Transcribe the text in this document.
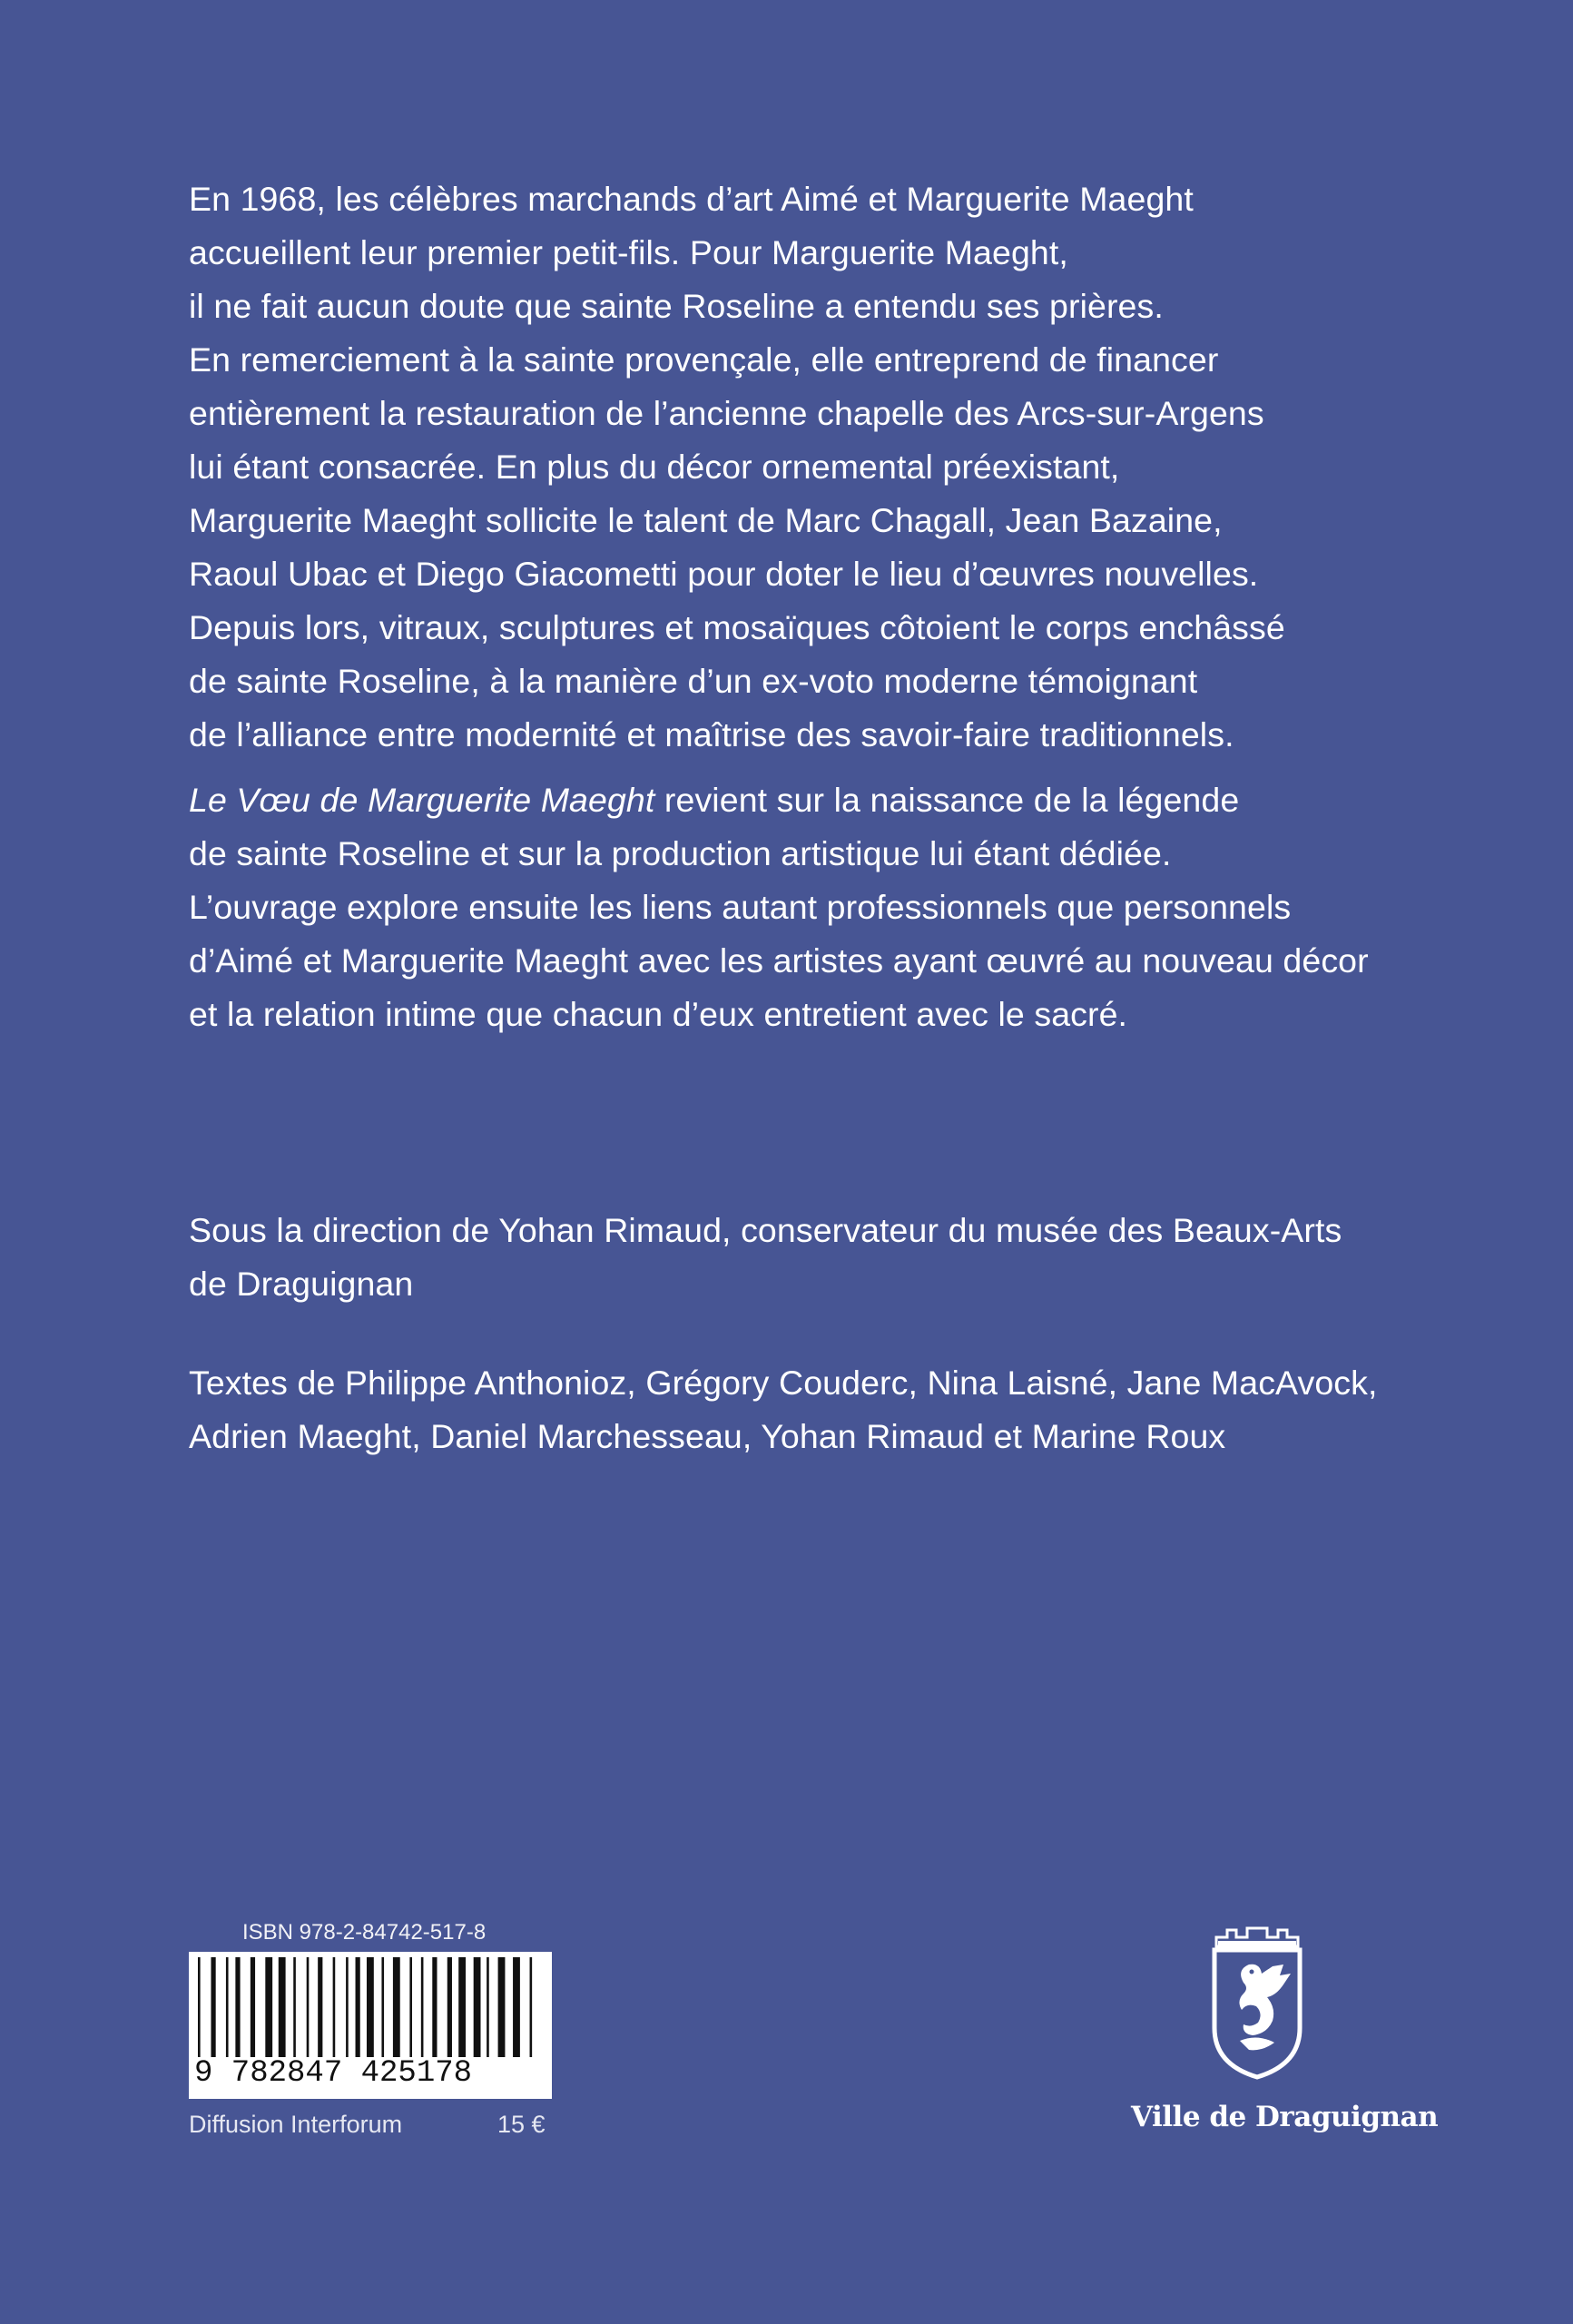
En 1968, les célèbres marchands d’art Aimé et Marguerite Maeght
accueillent leur premier petit-fils. Pour Marguerite Maeght,
il ne fait aucun doute que sainte Roseline a entendu ses prières.
En remerciement à la sainte provençale, elle entreprend de financer
entièrement la restauration de l’ancienne chapelle des Arcs-sur-Argens
lui étant consacrée. En plus du décor ornemental préexistant,
Marguerite Maeght sollicite le talent de Marc Chagall, Jean Bazaine,
Raoul Ubac et Diego Giacometti pour doter le lieu d’œuvres nouvelles.
Depuis lors, vitraux, sculptures et mosaïques côtoient le corps enchâssé
de sainte Roseline, à la manière d’un ex-voto moderne témoignant
de l’alliance entre modernité et maîtrise des savoir-faire traditionnels.
Le Vœu de Marguerite Maeght revient sur la naissance de la légende
de sainte Roseline et sur la production artistique lui étant dédiée.
L’ouvrage explore ensuite les liens autant professionnels que personnels
d’Aimé et Marguerite Maeght avec les artistes ayant œuvré au nouveau décor
et la relation intime que chacun d’eux entretient avec le sacré.
Sous la direction de Yohan Rimaud, conservateur du musée des Beaux-Arts
de Draguignan
Textes de Philippe Anthonioz, Grégory Couderc, Nina Laisné, Jane MacAvock,
Adrien Maeght, Daniel Marchesseau, Yohan Rimaud et Marine Roux
ISBN 978-2-84742-517-8
9 782847 425178
Diffusion Interforum	15 €	Ville de Draguignan
